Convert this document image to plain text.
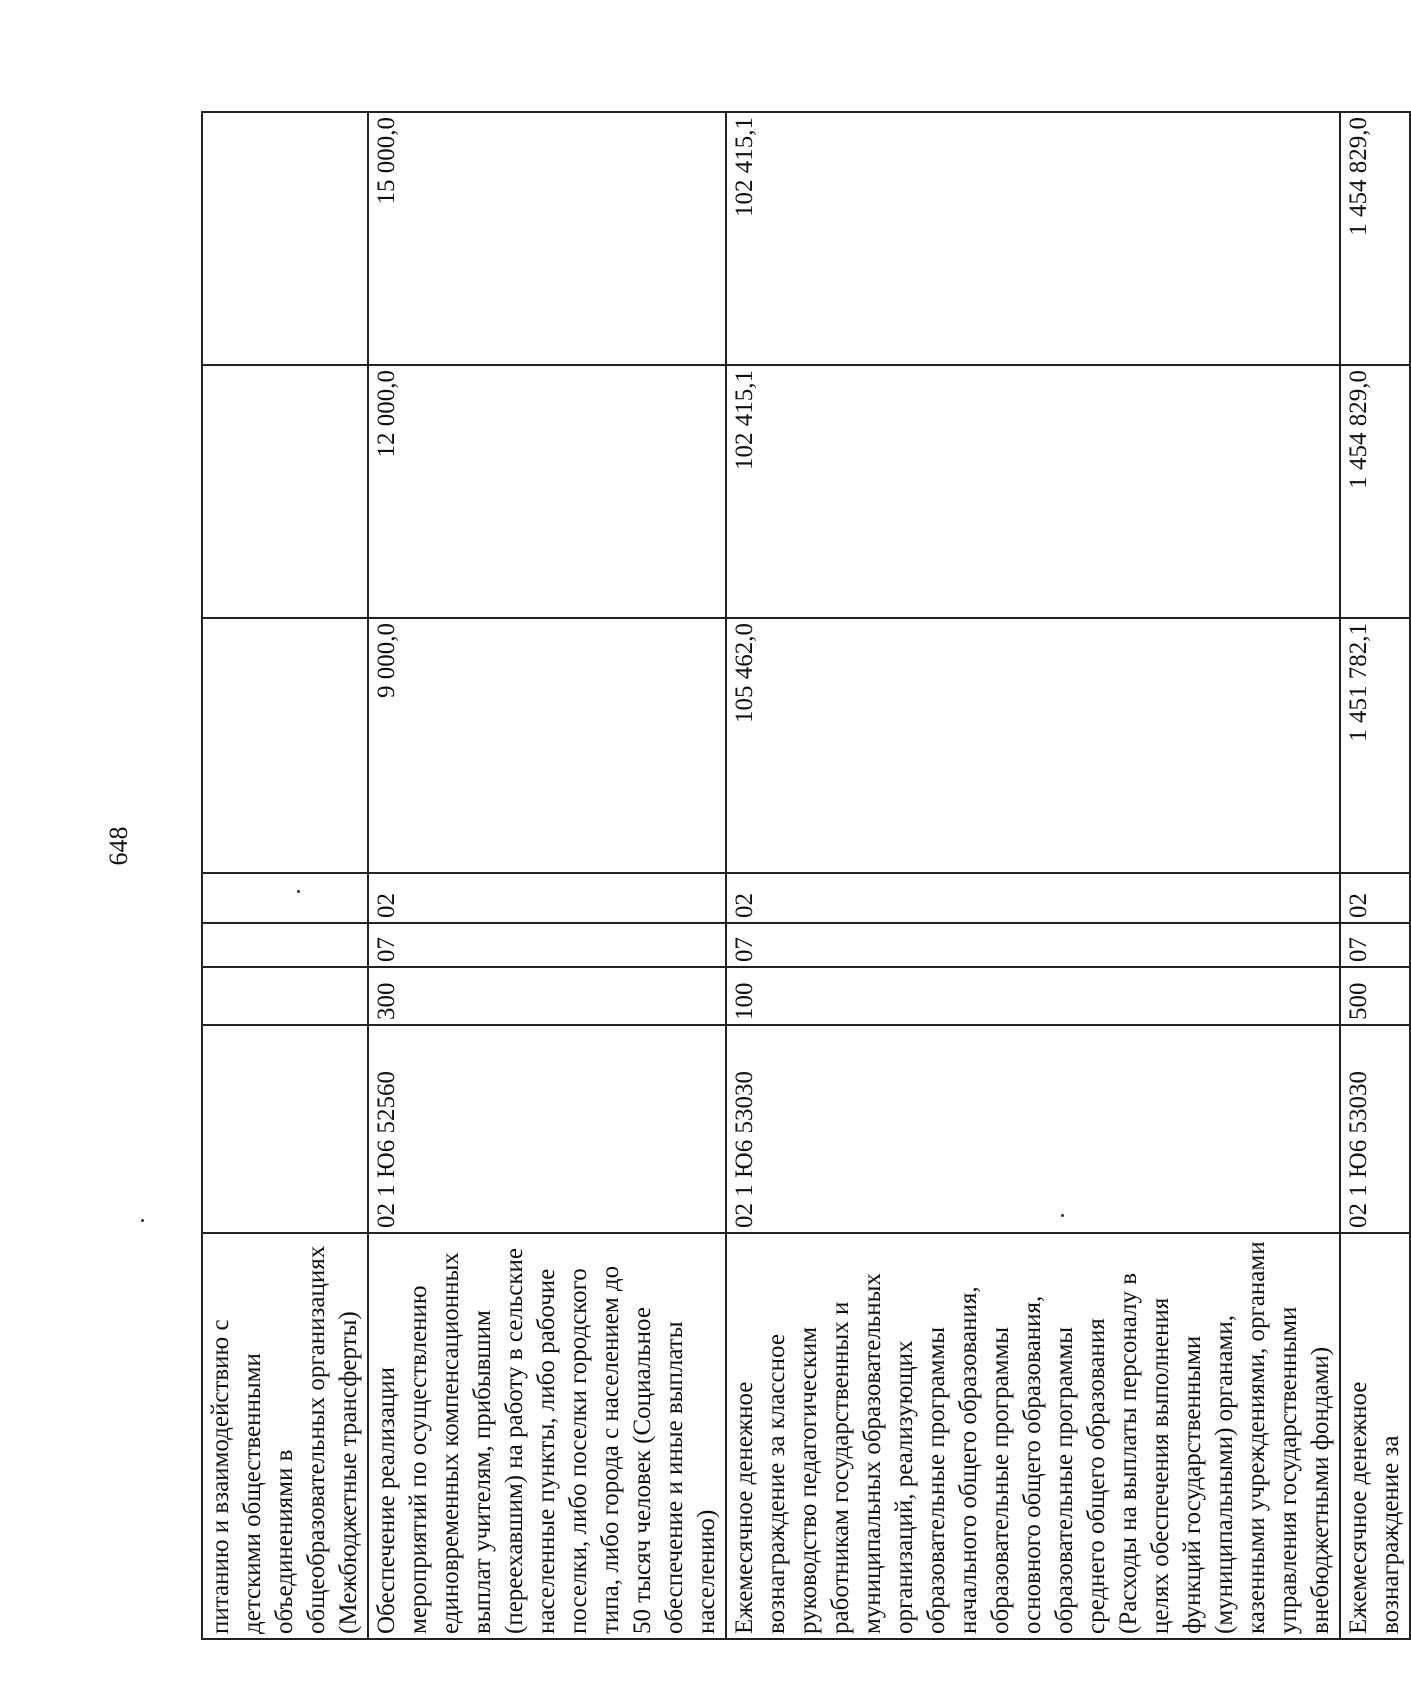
648
питанию и взаимодействию с детскими общественными объединениями в общеобразовательных организациях (Межбюджетные трансферты)							
Обеспечение реализации мероприятий по осуществлению единовременных компенсационных выплат учителям, прибывшим (переехавшим) на работу в сельские населенные пункты, либо рабочие поселки, либо поселки городского типа, либо города с населением до 50 тысяч человек (Социальное обеспечение и иные выплаты населению)	02 1 Ю6 52560	300	07	02	9 000,0	12 000,0	15 000,0
Ежемесячное денежное вознаграждение за классное руководство педагогическим работникам государственных и муниципальных образовательных организаций, реализующих образовательные программы начального общего образования, образовательные программы основного общего образования, образовательные программы среднего общего образования (Расходы на выплаты персоналу в целях обеспечения выполнения функций государственными (муниципальными) органами, казенными учреждениями, органами управления государственными внебюджетными фондами)	02 1 Ю6 53030	100	07	02	105 462,0	102 415,1	102 415,1
Ежемесячное денежное вознаграждение за	02 1 Ю6 53030	500	07	02	1 451 782,1	1 454 829,0	1 454 829,0
